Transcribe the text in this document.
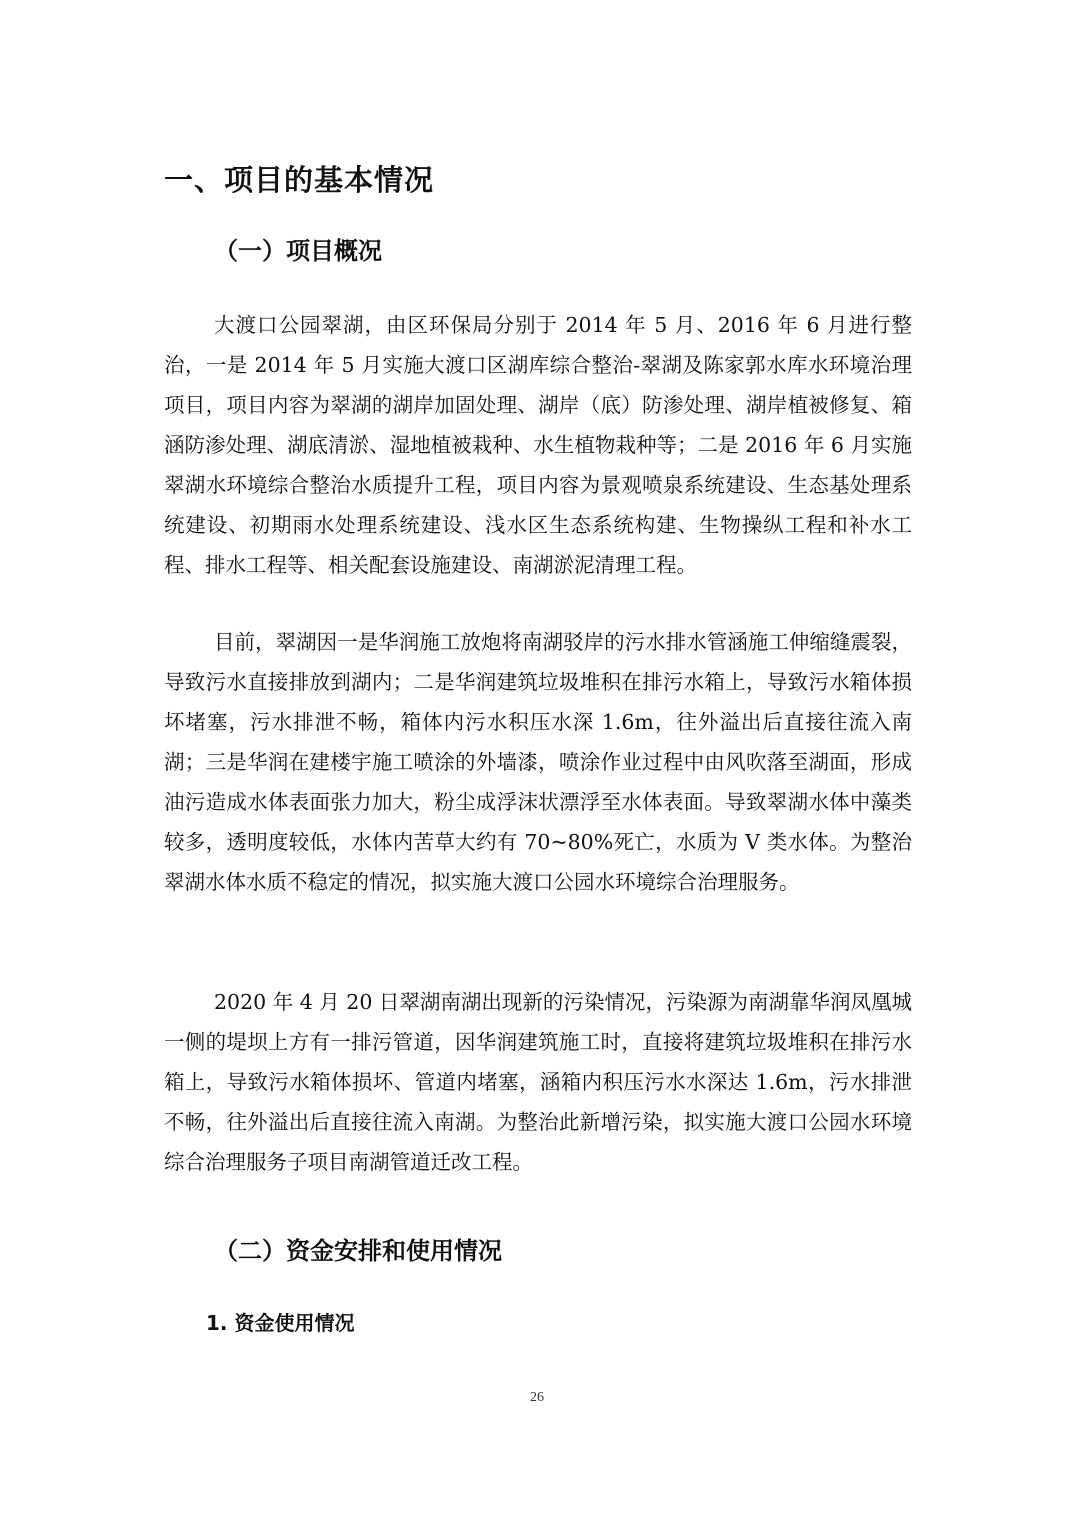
一、项目的基本情况
（一）项目概况

大渡口公园翠湖，由区环保局分别于 2014 年 5 月、2016 年 6 月进行整治，一是 2014 年 5 月实施大渡口区湖库综合整治-翠湖及陈家郭水库水环境治理项目，项目内容为翠湖的湖岸加固处理、湖岸（底）防渗处理、湖岸植被修复、箱涵防渗处理、湖底清淤、湿地植被栽种、水生植物栽种等；二是 2016 年 6 月实施翠湖水环境综合整治水质提升工程，项目内容为景观喷泉系统建设、生态基处理系统建设、初期雨水处理系统建设、浅水区生态系统构建、生物操纵工程和补水工程、排水工程等、相关配套设施建设、南湖淤泥清理工程。

目前，翠湖因一是华润施工放炮将南湖驳岸的污水排水管涵施工伸缩缝震裂，导致污水直接排放到湖内；二是华润建筑垃圾堆积在排污水箱上，导致污水箱体损坏堵塞，污水排泄不畅，箱体内污水积压水深 1.6m，往外溢出后直接往流入南湖；三是华润在建楼宇施工喷涂的外墙漆，喷涂作业过程中由风吹落至湖面，形成油污造成水体表面张力加大，粉尘成浮沫状漂浮至水体表面。导致翠湖水体中藻类较多，透明度较低，水体内苦草大约有 70~80%死亡，水质为 V 类水体。为整治翠湖水体水质不稳定的情况，拟实施大渡口公园水环境综合治理服务。

2020 年 4 月 20 日翠湖南湖出现新的污染情况，污染源为南湖靠华润凤凰城一侧的堤坝上方有一排污管道，因华润建筑施工时，直接将建筑垃圾堆积在排污水箱上，导致污水箱体损坏、管道内堵塞，涵箱内积压污水水深达 1.6m，污水排泄不畅，往外溢出后直接往流入南湖。为整治此新增污染，拟实施大渡口公园水环境综合治理服务子项目南湖管道迁改工程。

（二）资金安排和使用情况
1. 资金使用情况
26
